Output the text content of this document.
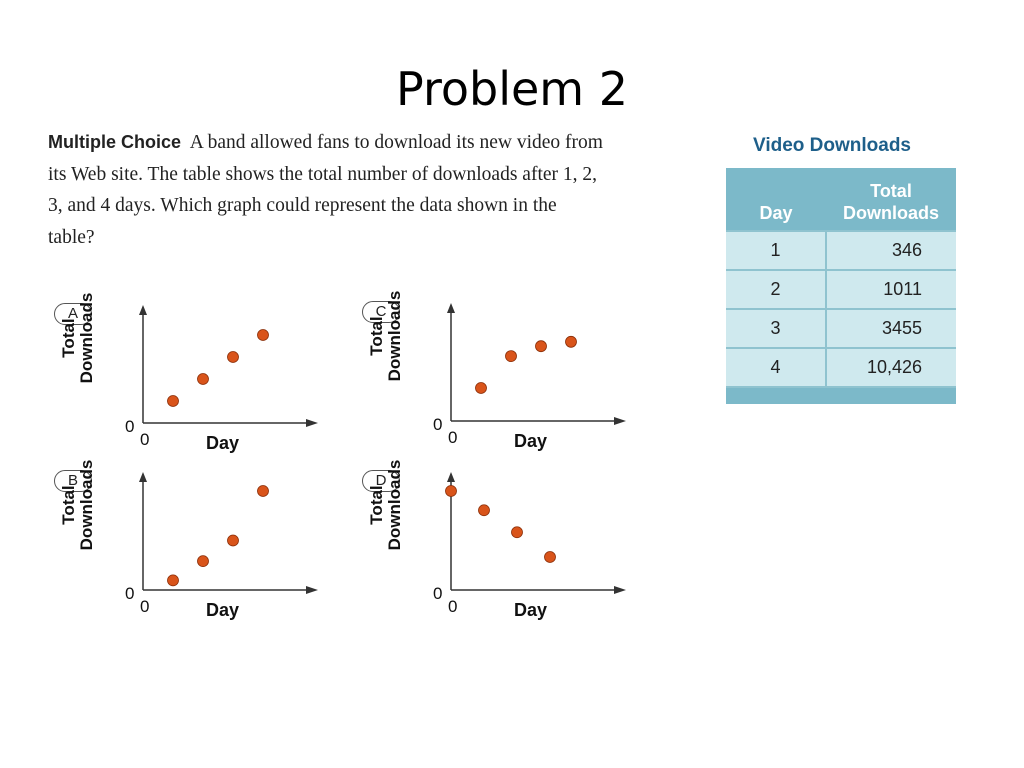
Problem 2

Multiple Choice A band allowed fans to download its new video from its Web site. The table shows the total number of downloads after 1, 2, 3, and 4 days. Which graph could represent the data shown in the table?

A
Total Downloads
0
0	Day
C
Total Downloads
0
0	Day
B
Total Downloads
0
0	Day
D
Total Downloads
0
0	Day
Video Downloads
Day	Total Downloads
1	346
2	1011
3	3455
4	10,426
